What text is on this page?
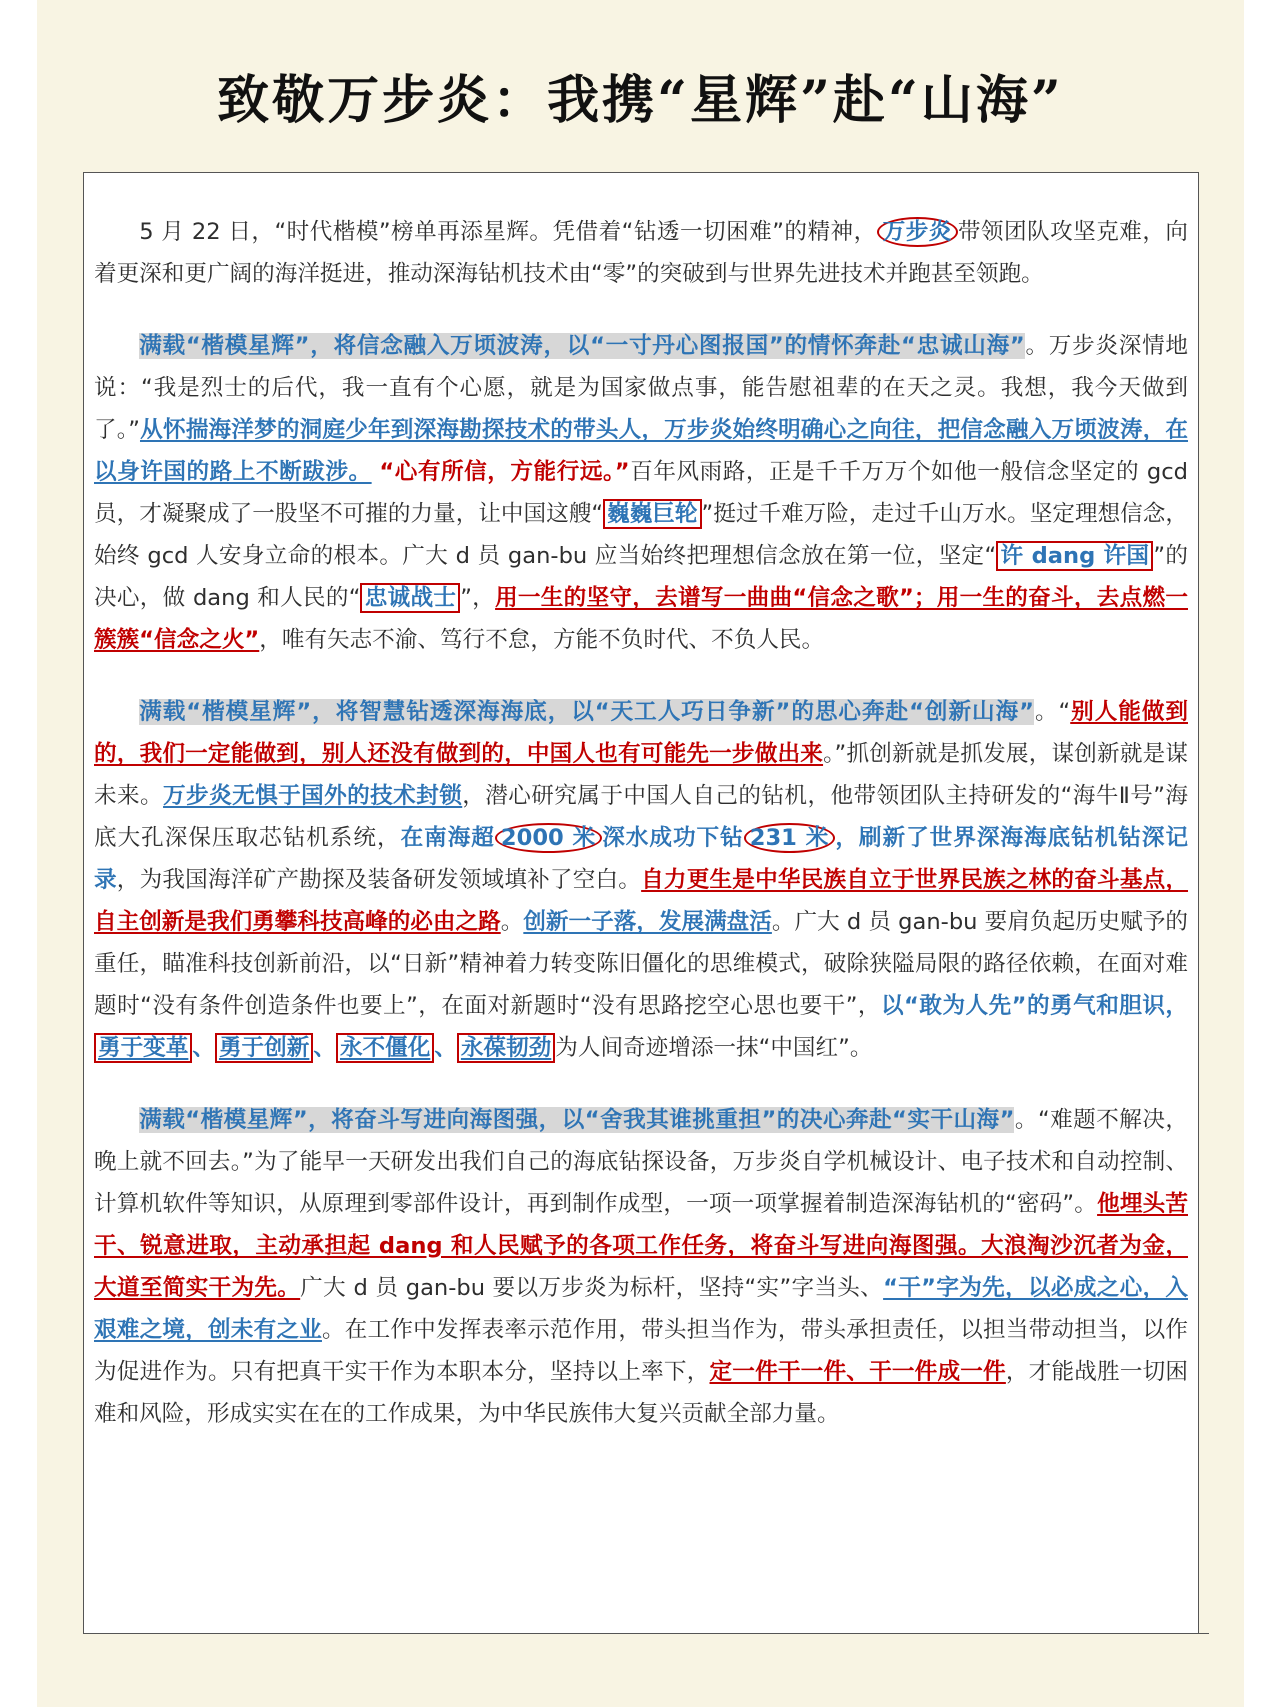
致敬万步炎：我携“星辉”赴“山海”

5 月 22 日，“时代楷模”榜单再添星辉。凭借着“钻透一切困难”的精神， 万步炎 带领团队攻坚克难，向着更深和更广阔的海洋挺进，推动深海钻机技术由“零”的突破到与世界先进技术并跑甚至领跑。

满载“楷模星辉”，将信念融入万顷波涛，以“一寸丹心图报国”的情怀奔赴“忠诚山海”。万步炎深情地说：“我是烈士的后代，我一直有个心愿，就是为国家做点事，能告慰祖辈的在天之灵。我想，我今天做到了。”从怀揣海洋梦的洞庭少年到深海勘探技术的带头人，万步炎始终明确心之向往，把信念融入万顷波涛，在以身许国的路上不断跋涉。 “心有所信，方能行远。”百年风雨路，正是千千万万个如他一般信念坚定的 gcd 员，才凝聚成了一股坚不可摧的力量，让中国这艘“ 巍巍巨轮 ”挺过千难万险，走过千山万水。坚定理想信念，始终 gcd 人安身立命的根本。广大 d 员 gan-bu 应当始终把理想信念放在第一位，坚定“ 许 dang 许国 ”的决心，做 dang 和人民的“ 忠诚战士 ”，用一生的坚守，去谱写一曲曲“信念之歌”；用一生的奋斗，去点燃一簇簇“信念之火”，唯有矢志不渝、笃行不怠，方能不负时代、不负人民。

满载“楷模星辉”，将智慧钻透深海海底，以“天工人巧日争新”的思心奔赴“创新山海”。“别人能做到的，我们一定能做到，别人还没有做到的，中国人也有可能先一步做出来。”抓创新就是抓发展，谋创新就是谋未来。万步炎无惧于国外的技术封锁，潜心研究属于中国人自己的钻机，他带领团队主持研发的“海牛Ⅱ号”海底大孔深保压取芯钻机系统，在南海超 2000 米 深水成功下钻 231 米 ，刷新了世界深海海底钻机钻深记录，为我国海洋矿产勘探及装备研发领域填补了空白。自力更生是中华民族自立于世界民族之林的奋斗基点，自主创新是我们勇攀科技高峰的必由之路。创新一子落，发展满盘活。广大 d 员 gan-bu 要肩负起历史赋予的重任，瞄准科技创新前沿，以“日新”精神着力转变陈旧僵化的思维模式，破除狭隘局限的路径依赖，在面对难题时“没有条件创造条件也要上”，在面对新题时“没有思路挖空心思也要干”，以“敢为人先”的勇气和胆识，勇于变革 、 勇于创新 、 永不僵化 、 永葆韧劲 为人间奇迹增添一抹“中国红”。

满载“楷模星辉”，将奋斗写进向海图强，以“舍我其谁挑重担”的决心奔赴“实干山海”。“难题不解决，晚上就不回去。”为了能早一天研发出我们自己的海底钻探设备，万步炎自学机械设计、电子技术和自动控制、计算机软件等知识，从原理到零部件设计，再到制作成型，一项一项掌握着制造深海钻机的“密码”。他埋头苦干、锐意进取，主动承担起 dang 和人民赋予的各项工作任务，将奋斗写进向海图强。大浪淘沙沉者为金，大道至简实干为先。广大 d 员 gan-bu 要以万步炎为标杆，坚持“实”字当头、“干”字为先，以必成之心，入艰难之境，创未有之业。在工作中发挥表率示范作用，带头担当作为，带头承担责任，以担当带动担当，以作为促进作为。只有把真干实干作为本职本分，坚持以上率下，定一件干一件、干一件成一件，才能战胜一切困难和风险，形成实实在在的工作成果，为中华民族伟大复兴贡献全部力量。
